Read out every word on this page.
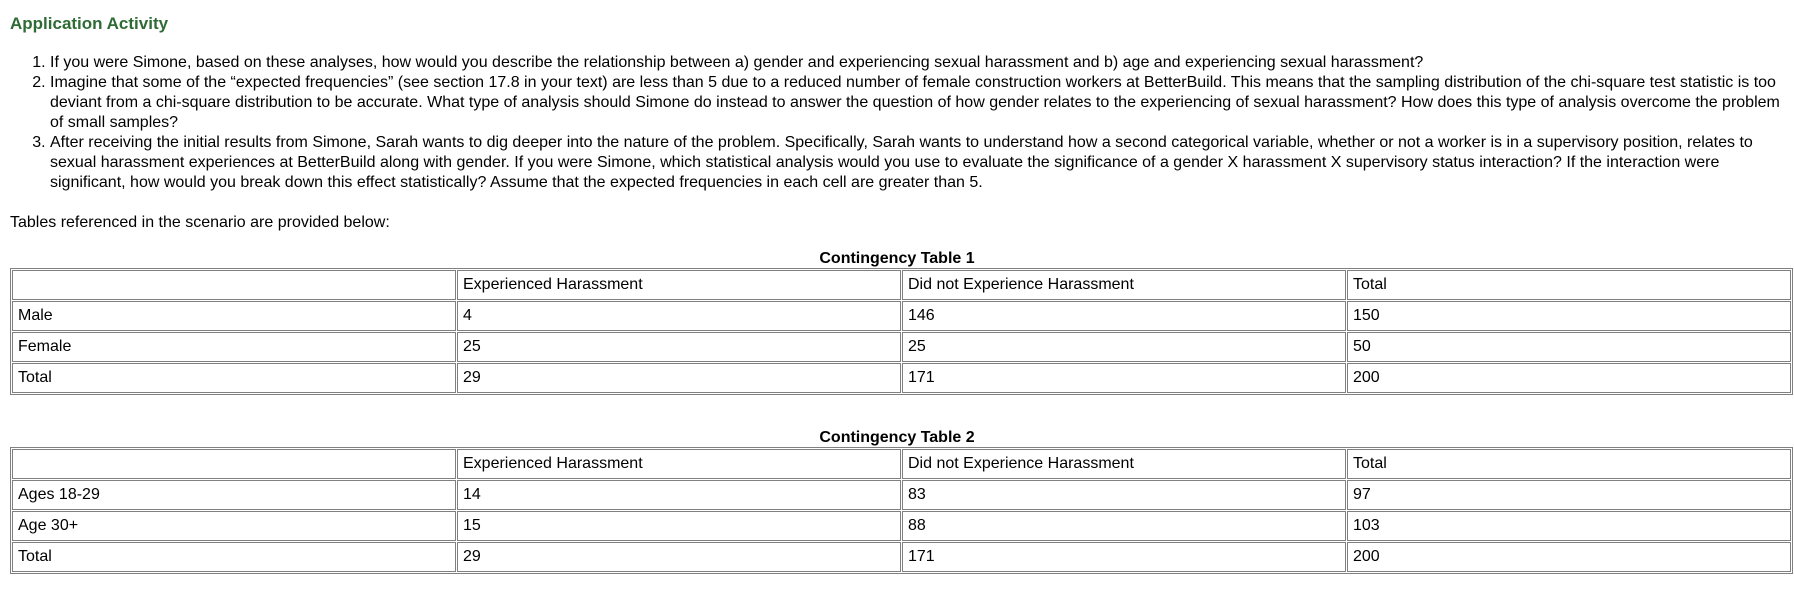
Application Activity
1. If you were Simone, based on these analyses, how would you describe the relationship between a) gender and experiencing sexual harassment and b) age and experiencing sexual harassment?
2. Imagine that some of the “expected frequencies” (see section 17.8 in your text) are less than 5 due to a reduced number of female construction workers at BetterBuild. This means that the sampling distribution of the chi-square test statistic is too deviant from a chi-square distribution to be accurate. What type of analysis should Simone do instead to answer the question of how gender relates to the experiencing of sexual harassment? How does this type of analysis overcome the problem of small samples?
3. After receiving the initial results from Simone, Sarah wants to dig deeper into the nature of the problem. Specifically, Sarah wants to understand how a second categorical variable, whether or not a worker is in a supervisory position, relates to sexual harassment experiences at BetterBuild along with gender. If you were Simone, which statistical analysis would you use to evaluate the significance of a gender X harassment X supervisory status interaction? If the interaction were significant, how would you break down this effect statistically? Assume that the expected frequencies in each cell are greater than 5.

Tables referenced in the scenario are provided below:

Contingency Table 1
	Experienced Harassment	Did not Experience Harassment	Total
Male	4	146	150
Female	25	25	50
Total	29	171	200
Contingency Table 2
	Experienced Harassment	Did not Experience Harassment	Total
Ages 18-29	14	83	97
Age 30+	15	88	103
Total	29	171	200
